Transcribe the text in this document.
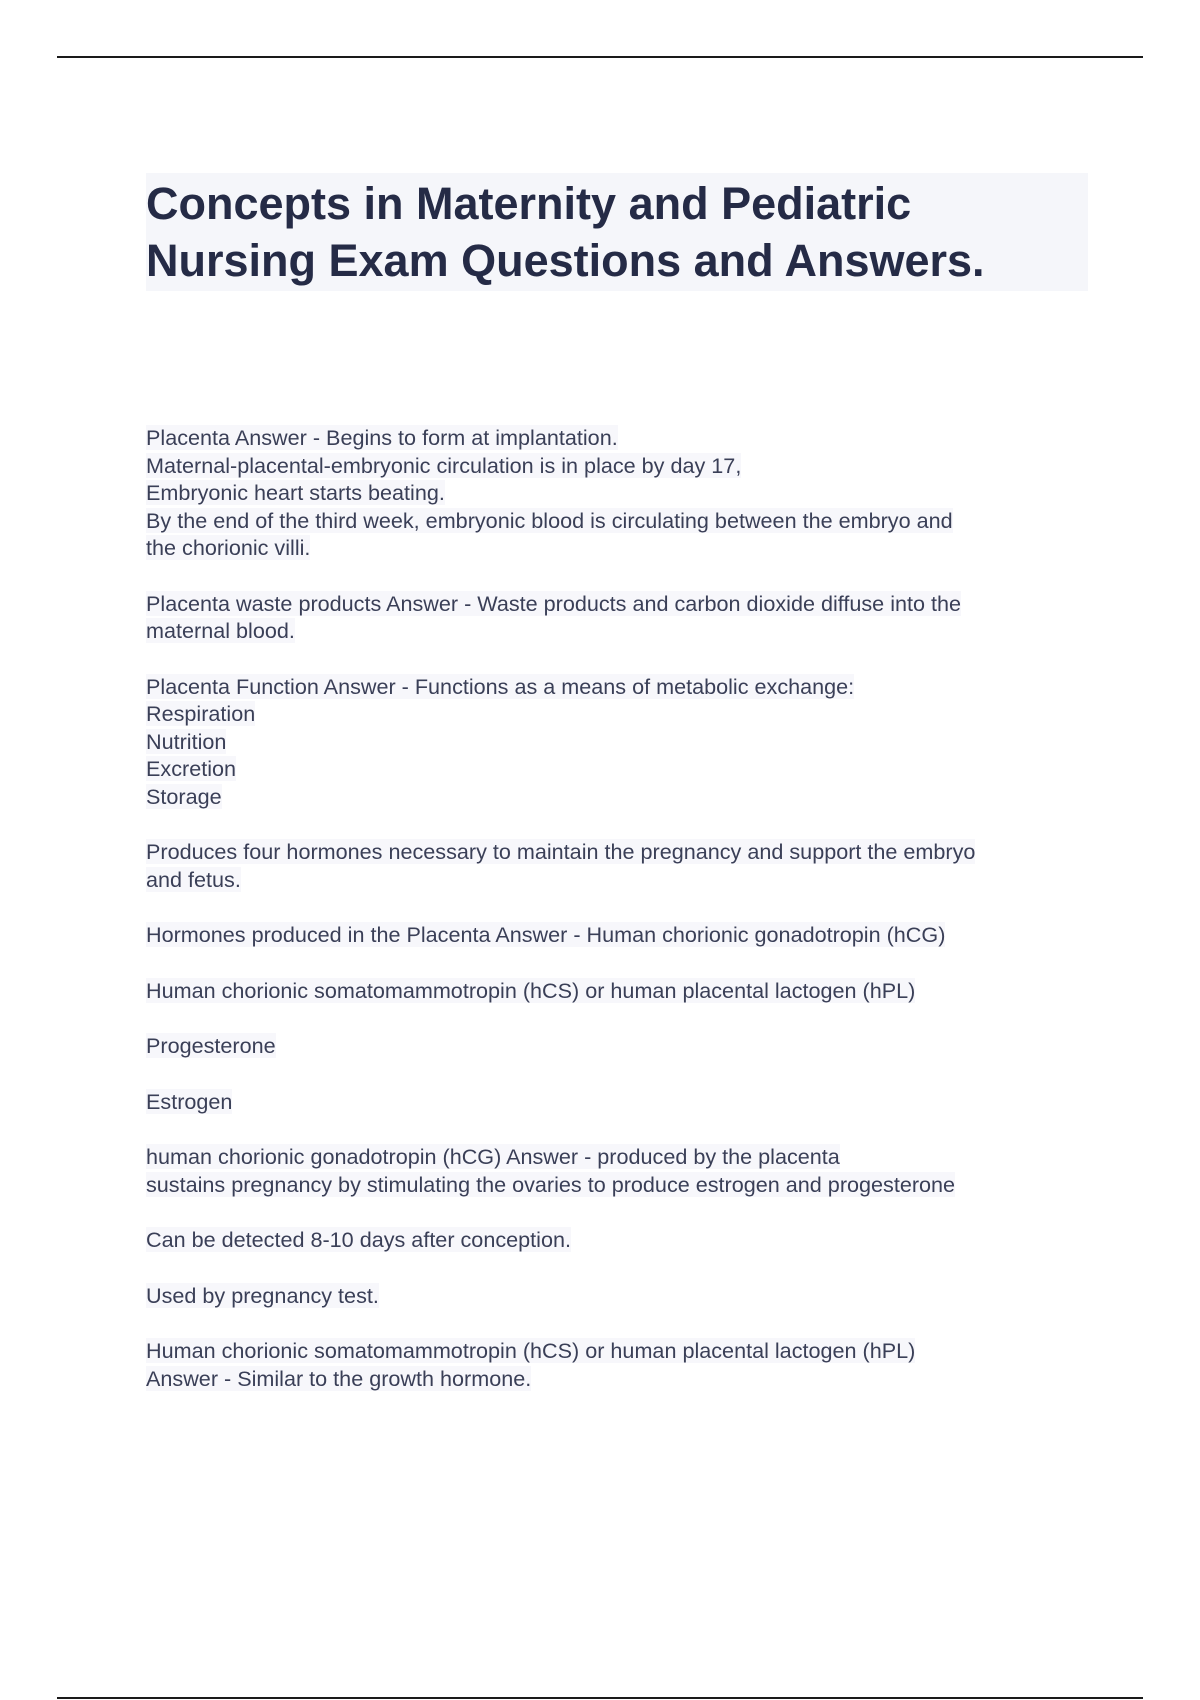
Concepts in Maternity and Pediatric
Nursing Exam Questions and Answers.
Placenta Answer - Begins to form at implantation.
Maternal-placental-embryonic circulation is in place by day 17,
Embryonic heart starts beating.
By the end of the third week, embryonic blood is circulating between the embryo and
the chorionic villi.
Placenta waste products Answer - Waste products and carbon dioxide diffuse into the
maternal blood.
Placenta Function Answer - Functions as a means of metabolic exchange:
Respiration
Nutrition
Excretion
Storage
Produces four hormones necessary to maintain the pregnancy and support the embryo
and fetus.
Hormones produced in the Placenta Answer - Human chorionic gonadotropin (hCG)
Human chorionic somatomammotropin (hCS) or human placental lactogen (hPL)
Progesterone
Estrogen
human chorionic gonadotropin (hCG) Answer - produced by the placenta
sustains pregnancy by stimulating the ovaries to produce estrogen and progesterone
Can be detected 8-10 days after conception.
Used by pregnancy test.
Human chorionic somatomammotropin (hCS) or human placental lactogen (hPL)
Answer - Similar to the growth hormone.
